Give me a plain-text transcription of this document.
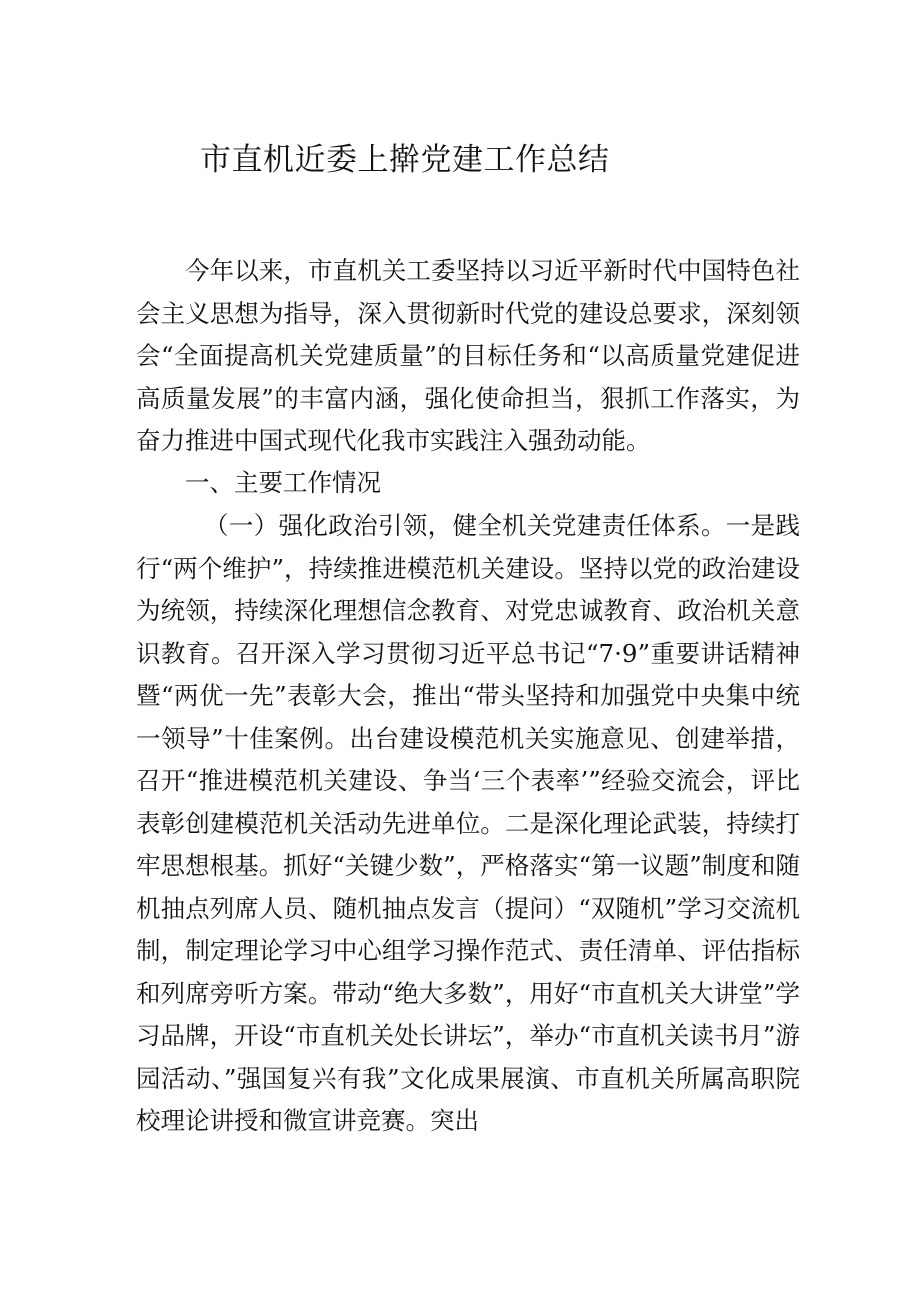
市直机近委上擀党建工作总结

今年以来，市直机关工委坚持以习近平新时代中国特色社会主义思想为指导，深入贯彻新时代党的建设总要求，深刻领会“全面提高机关党建质量”的目标任务和“以高质量党建促进高质量发展”的丰富内涵，强化使命担当，狠抓工作落实，为奋力推进中国式现代化我市实践注入强劲动能。

一、主要工作情况

（一）强化政治引领，健全机关党建责任体系。一是践行“两个维护”，持续推进模范机关建设。坚持以党的政治建设为统领，持续深化理想信念教育、对党忠诚教育、政治机关意识教育。召开深入学习贯彻习近平总书记“7·9”重要讲话精神暨“两优一先”表彰大会，推出“带头坚持和加强党中央集中统一领导”十佳案例。出台建设模范机关实施意见、创建举措，召开“推进模范机关建设、争当‘三个表率’”经验交流会，评比表彰创建模范机关活动先进单位。二是深化理论武装，持续打牢思想根基。抓好“关键少数”，严格落实“第一议题”制度和随机抽点列席人员、随机抽点发言（提问）“双随机”学习交流机制，制定理论学习中心组学习操作范式、责任清单、评估指标和列席旁听方案。带动“绝大多数”，用好“市直机关大讲堂”学习品牌，开设“市直机关处长讲坛”，举办“市直机关读书月”游园活动、”强国复兴有我”文化成果展演、市直机关所属高职院校理论讲授和微宣讲竞赛。突出
